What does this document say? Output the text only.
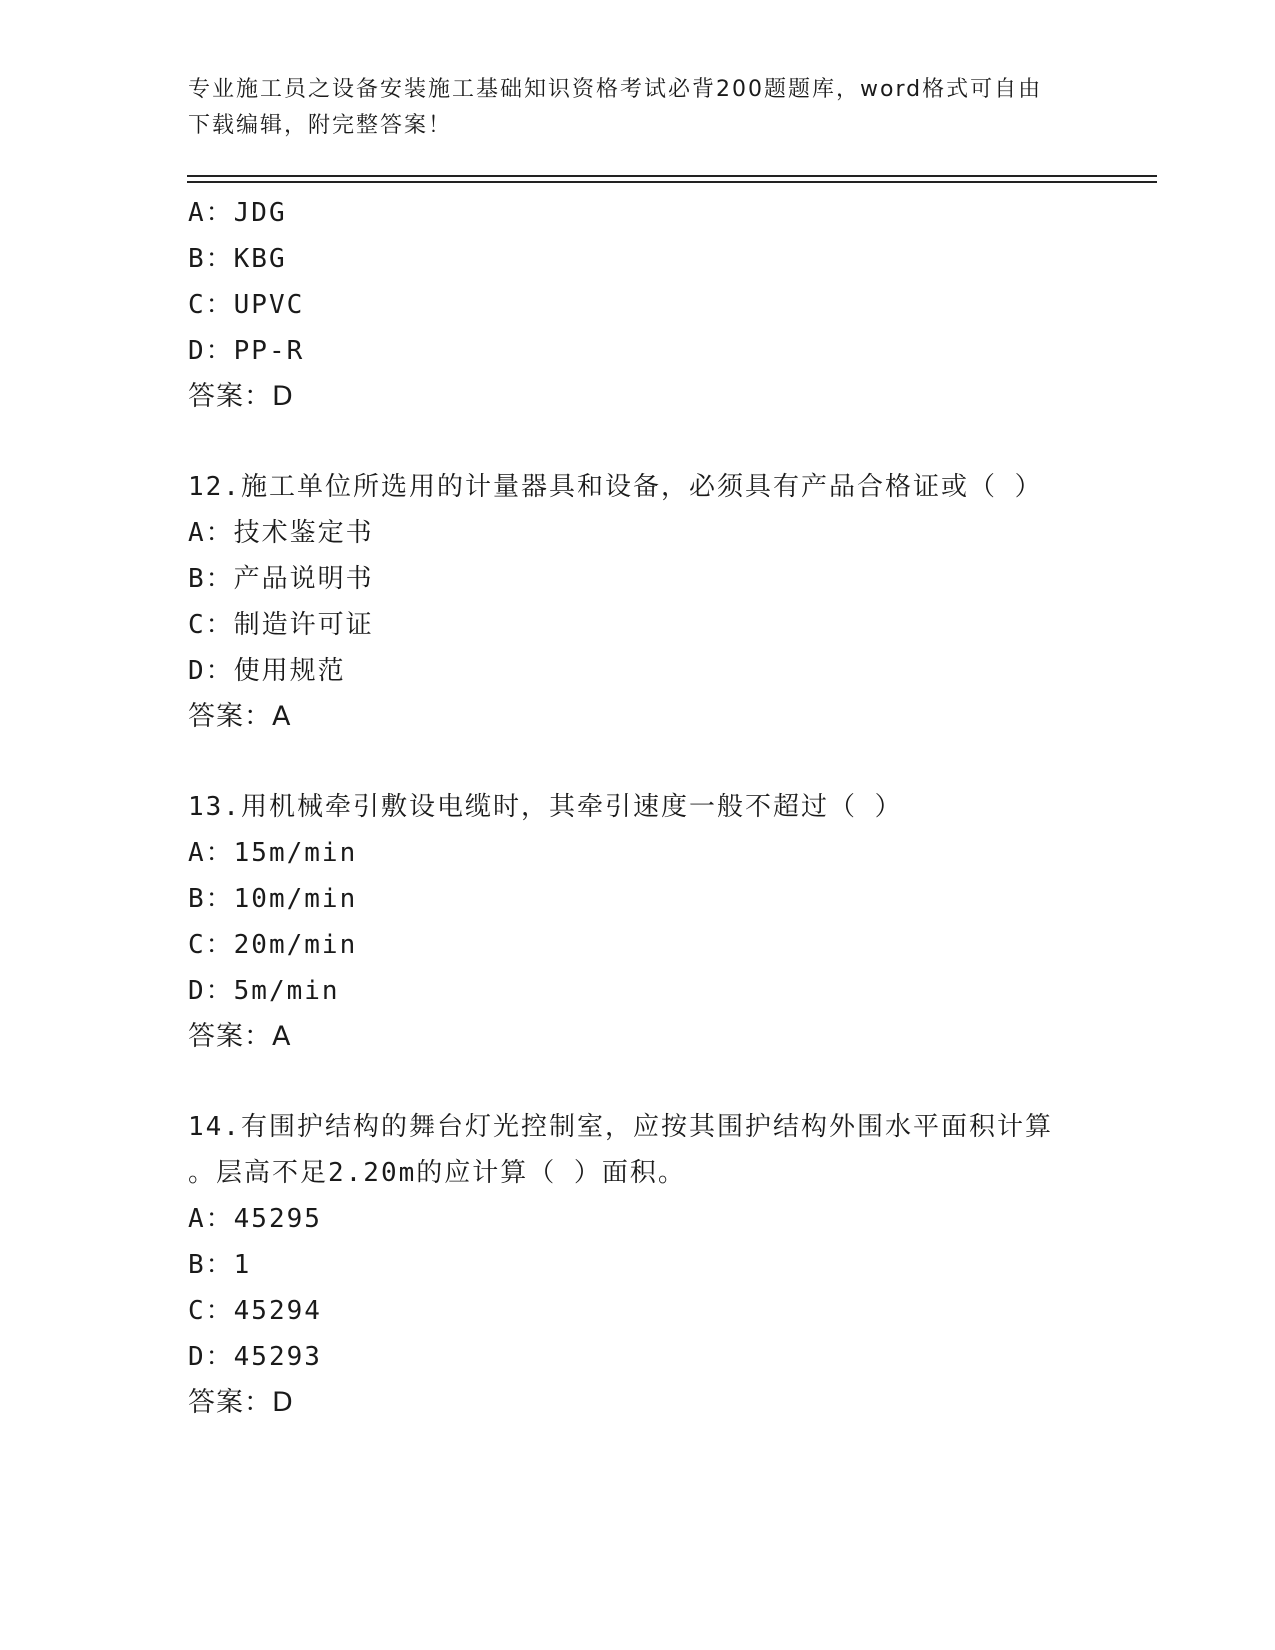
专业施工员之设备安装施工基础知识资格考试必背200题题库，word格式可自由
下载编辑，附完整答案！
A：JDG
B：KBG
C：UPVC
D：PP-R
答案：D
12.施工单位所选用的计量器具和设备，必须具有产品合格证或（ ）
A：技术鉴定书
B：产品说明书
C：制造许可证
D：使用规范
答案：A
13.用机械牵引敷设电缆时，其牵引速度一般不超过（ ）
A：15m/min
B：10m/min
C：20m/min
D：5m/min
答案：A
14.有围护结构的舞台灯光控制室，应按其围护结构外围水平面积计算
。层高不足2.20m的应计算（ ）面积。
A：45295
B：1
C：45294
D：45293
答案：D
